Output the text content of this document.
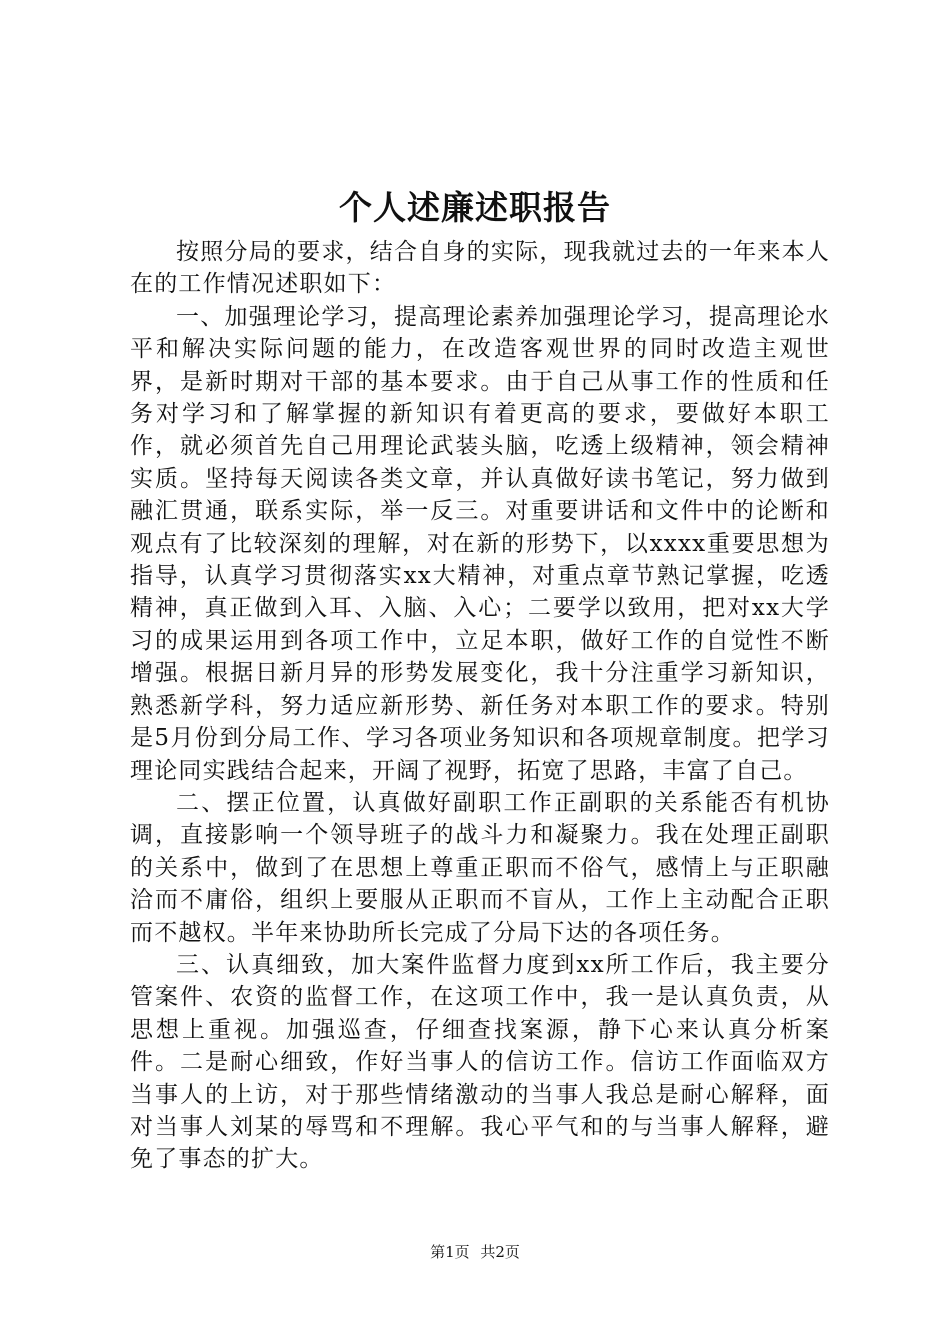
个人述廉述职报告

按照分局的要求，结合自身的实际，现我就过去的一年来本人在的工作情况述职如下：

一、加强理论学习，提高理论素养加强理论学习，提高理论水平和解决实际问题的能力，在改造客观世界的同时改造主观世界，是新时期对干部的基本要求。由于自己从事工作的性质和任务对学习和了解掌握的新知识有着更高的要求，要做好本职工作，就必须首先自己用理论武装头脑，吃透上级精神，领会精神实质。坚持每天阅读各类文章，并认真做好读书笔记，努力做到融汇贯通，联系实际，举一反三。对重要讲话和文件中的论断和观点有了比较深刻的理解，对在新的形势下，以xxxx重要思想为指导，认真学习贯彻落实xx大精神，对重点章节熟记掌握，吃透精神，真正做到入耳、入脑、入心；二要学以致用，把对xx大学习的成果运用到各项工作中，立足本职，做好工作的自觉性不断增强。根据日新月异的形势发展变化，我十分注重学习新知识，熟悉新学科，努力适应新形势、新任务对本职工作的要求。特别是5月份到分局工作、学习各项业务知识和各项规章制度。把学习理论同实践结合起来，开阔了视野，拓宽了思路，丰富了自己。

二、摆正位置，认真做好副职工作正副职的关系能否有机协调，直接影响一个领导班子的战斗力和凝聚力。我在处理正副职的关系中，做到了在思想上尊重正职而不俗气，感情上与正职融洽而不庸俗，组织上要服从正职而不盲从，工作上主动配合正职而不越权。半年来协助所长完成了分局下达的各项任务。

三、认真细致，加大案件监督力度到xx所工作后，我主要分管案件、农资的监督工作，在这项工作中，我一是认真负责，从思想上重视。加强巡查，仔细查找案源，静下心来认真分析案件。二是耐心细致，作好当事人的信访工作。信访工作面临双方当事人的上访，对于那些情绪激动的当事人我总是耐心解释，面对当事人刘某的辱骂和不理解。我心平气和的与当事人解释，避免了事态的扩大。

第1页 共2页
